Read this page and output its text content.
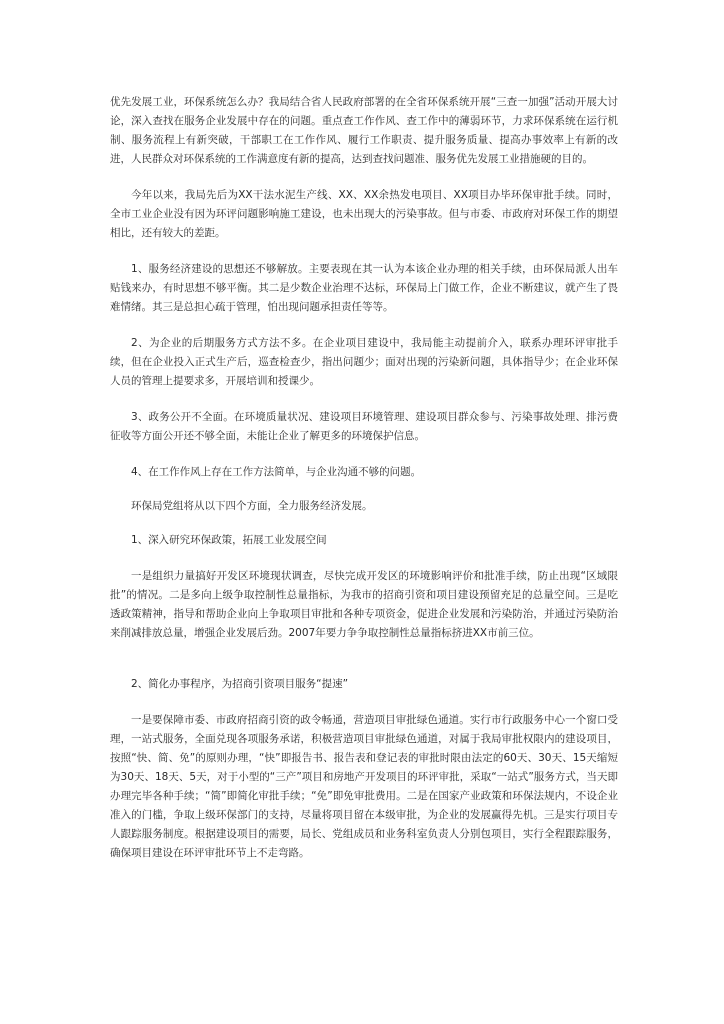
优先发展工业，环保系统怎么办？我局结合省人民政府部署的在全省环保系统开展“三查一加强”活动开展大讨论，深入查找在服务企业发展中存在的问题。重点查工作作风、查工作中的薄弱环节，力求环保系统在运行机制、服务流程上有新突破，干部职工在工作作风、履行工作职责、提升服务质量、提高办事效率上有新的改进，人民群众对环保系统的工作满意度有新的提高，达到查找问题准、服务优先发展工业措施硬的目的。

今年以来，我局先后为XX干法水泥生产线、XX、XX余热发电项目、XX项目办毕环保审批手续。同时，全市工业企业没有因为环评问题影响施工建设，也未出现大的污染事故。但与市委、市政府对环保工作的期望相比，还有较大的差距。

1、服务经济建设的思想还不够解放。主要表现在其一认为本该企业办理的相关手续，由环保局派人出车贴钱来办，有时思想不够平衡。其二是少数企业治理不达标，环保局上门做工作，企业不断建议，就产生了畏难情绪。其三是总担心疏于管理，怕出现问题承担责任等等。

2、为企业的后期服务方式方法不多。在企业项目建设中，我局能主动提前介入，联系办理环评审批手续，但在企业投入正式生产后，巡查检查少，指出问题少；面对出现的污染新问题，具体指导少；在企业环保人员的管理上提要求多，开展培训和授课少。

3、政务公开不全面。在环境质量状况、建设项目环境管理、建设项目群众参与、污染事故处理、排污费征收等方面公开还不够全面，未能让企业了解更多的环境保护信息。

4、在工作作风上存在工作方法简单，与企业沟通不够的问题。

环保局党组将从以下四个方面，全力服务经济发展。

1、深入研究环保政策，拓展工业发展空间

一是组织力量搞好开发区环境现状调查，尽快完成开发区的环境影响评价和批准手续，防止出现“区域限批”的情况。二是多向上级争取控制性总量指标，为我市的招商引资和项目建设预留充足的总量空间。三是吃透政策精神，指导和帮助企业向上争取项目审批和各种专项资金，促进企业发展和污染防治，并通过污染防治来削减排放总量，增强企业发展后劲。2007年要力争争取控制性总量指标挤进XX市前三位。

2、简化办事程序，为招商引资项目服务“提速”

一是要保障市委、市政府招商引资的政令畅通，营造项目审批绿色通道。实行市行政服务中心一个窗口受理，一站式服务，全面兑现各项服务承诺，积极营造项目审批绿色通道，对属于我局审批权限内的建设项目，按照“快、简、免”的原则办理，“快”即报告书、报告表和登记表的审批时限由法定的60天、30天、15天缩短为30天、18天、5天，对于小型的“三产”项目和房地产开发项目的环评审批，采取“一站式”服务方式，当天即办理完毕各种手续；“简”即简化审批手续；“免”即免审批费用。二是在国家产业政策和环保法规内，不设企业准入的门槛，争取上级环保部门的支持，尽量将项目留在本级审批，为企业的发展赢得先机。三是实行项目专人跟踪服务制度。根据建设项目的需要，局长、党组成员和业务科室负责人分别包项目，实行全程跟踪服务，确保项目建设在环评审批环节上不走弯路。
